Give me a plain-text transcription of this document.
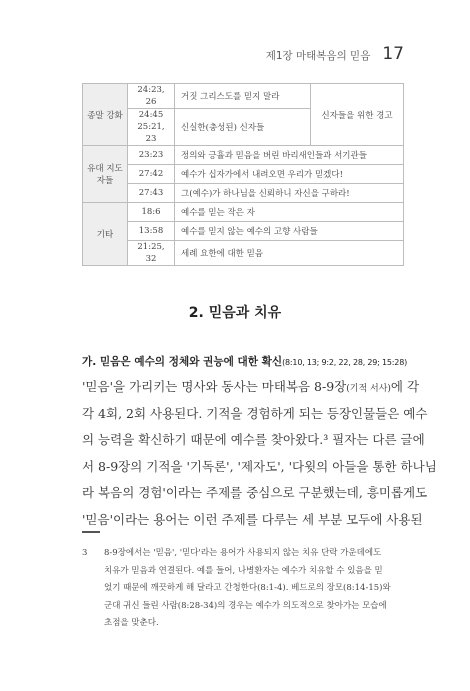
제1장 마태복음의 믿음 17
종말 강화	24:23, 26	거짓 그리스도를 믿지 말라	신자들을 위한 경고
	24:45 25:21, 23	신실한(충성된) 신자들	
유대 지도자들	23:23	정의와 긍휼과 믿음을 버린 바리새인들과 서기관들	
	27:42	예수가 십자가에서 내려오면 우리가 믿겠다!	
	27:43	그(예수)가 하나님을 신뢰하니 자신을 구하라!	
기타	18:6	예수를 믿는 작은 자	
	13:58	예수를 믿지 않는 예수의 고향 사람들	
	21:25, 32	세례 요한에 대한 믿음	
2. 믿음과 치유
가. 믿음은 예수의 정체와 권능에 대한 확신(8:10, 13; 9:2, 22, 28, 29; 15:28)
'믿음'을 가리키는 명사와 동사는 마태복음 8-9장(기적 서사)에 각
각 4회, 2회 사용된다. 기적을 경험하게 되는 등장인물들은 예수
의 능력을 확신하기 때문에 예수를 찾아왔다.³ 필자는 다른 글에
서 8-9장의 기적을 '기독론', '제자도', '다윗의 아들을 통한 하나님
라 복음의 경험'이라는 주제를 중심으로 구분했는데, 흥미롭게도
'믿음'이라는 용어는 이런 주제를 다루는 세 부분 모두에 사용된
3 8-9장에서는 '믿음', '믿다'라는 용어가 사용되지 않는 치유 단락 가운데에도
치유가 믿음과 연결된다. 예를 들어, 나병환자는 예수가 치유할 수 있음을 믿
었기 때문에 깨끗하게 해 달라고 간청한다(8:1-4). 베드로의 장모(8:14-15)와
군대 귀신 들린 사람(8:28-34)의 경우는 예수가 의도적으로 찾아가는 모습에
초점을 맞춘다.
